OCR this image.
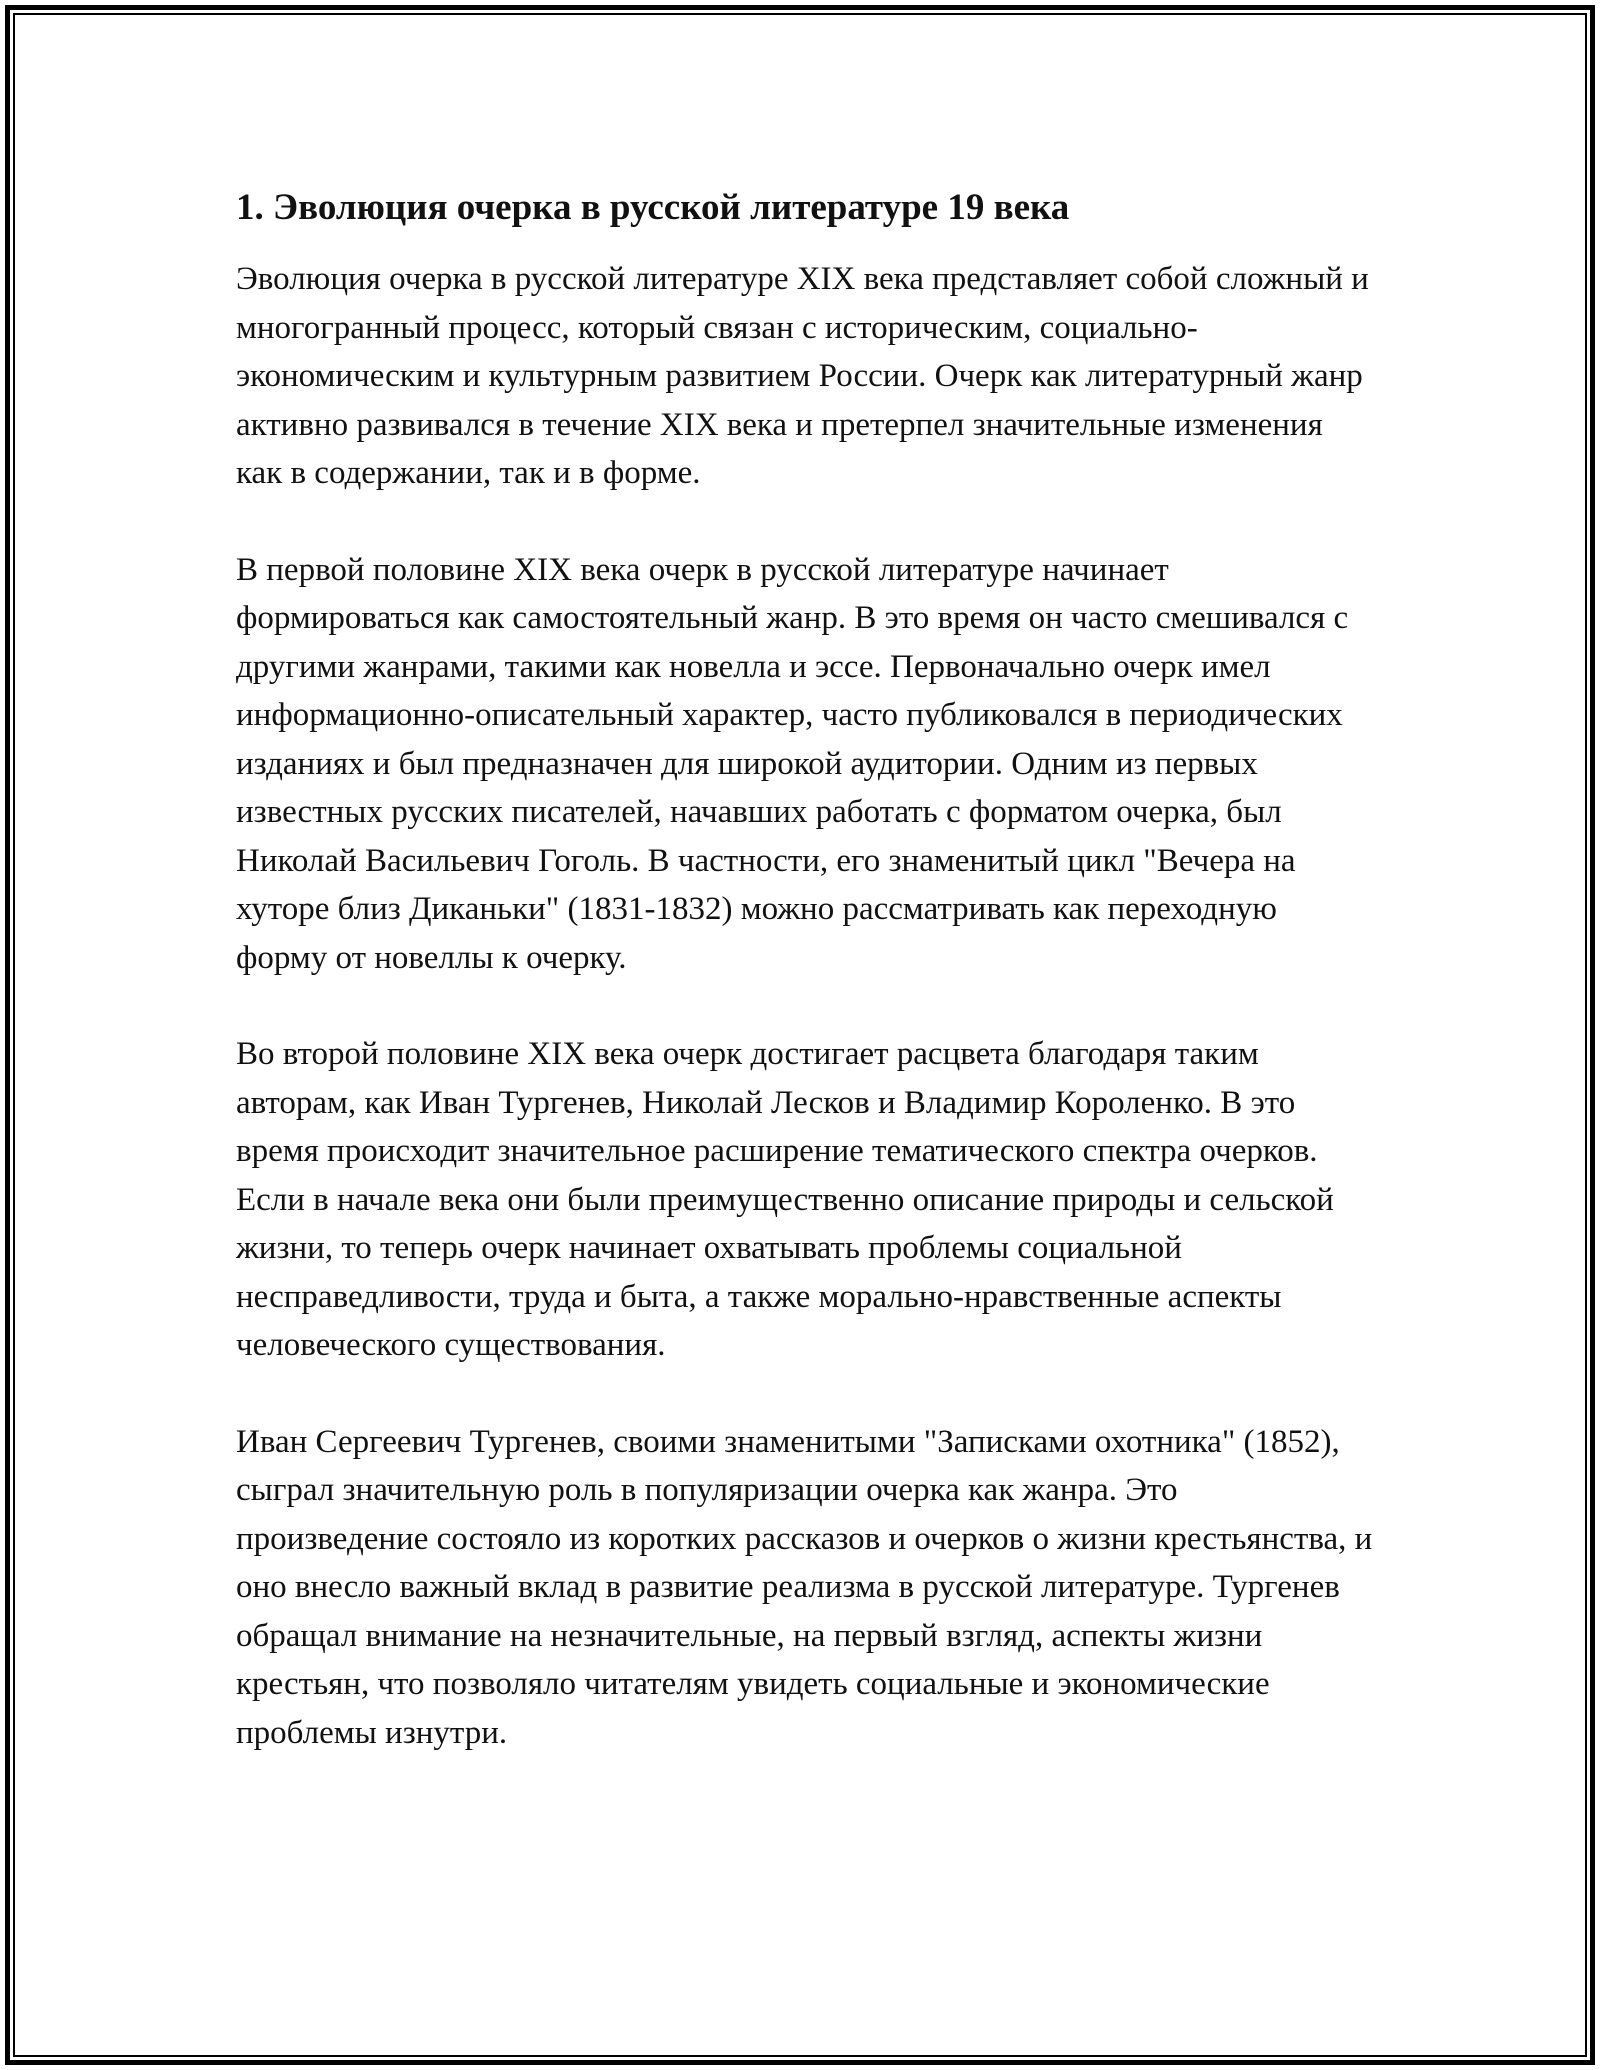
1. Эволюция очерка в русской литературе 19 века

Эволюция очерка в русской литературе XIX века представляет собой сложный и многогранный процесс, который связан с историческим, социально-экономическим и культурным развитием России. Очерк как литературный жанр активно развивался в течение XIX века и претерпел значительные изменения как в содержании, так и в форме.

В первой половине XIX века очерк в русской литературе начинает формироваться как самостоятельный жанр. В это время он часто смешивался с другими жанрами, такими как новелла и эссе. Первоначально очерк имел информационно-описательный характер, часто публиковался в периодических изданиях и был предназначен для широкой аудитории. Одним из первых известных русских писателей, начавших работать с форматом очерка, был Николай Васильевич Гоголь. В частности, его знаменитый цикл "Вечера на хуторе близ Диканьки" (1831-1832) можно рассматривать как переходную форму от новеллы к очерку.

Во второй половине XIX века очерк достигает расцвета благодаря таким авторам, как Иван Тургенев, Николай Лесков и Владимир Короленко. В это время происходит значительное расширение тематического спектра очерков. Если в начале века они были преимущественно описание природы и сельской жизни, то теперь очерк начинает охватывать проблемы социальной несправедливости, труда и быта, а также морально-нравственные аспекты человеческого существования.

Иван Сергеевич Тургенев, своими знаменитыми "Записками охотника" (1852), сыграл значительную роль в популяризации очерка как жанра. Это произведение состояло из коротких рассказов и очерков о жизни крестьянства, и оно внесло важный вклад в развитие реализма в русской литературе. Тургенев обращал внимание на незначительные, на первый взгляд, аспекты жизни крестьян, что позволяло читателям увидеть социальные и экономические проблемы изнутри.
